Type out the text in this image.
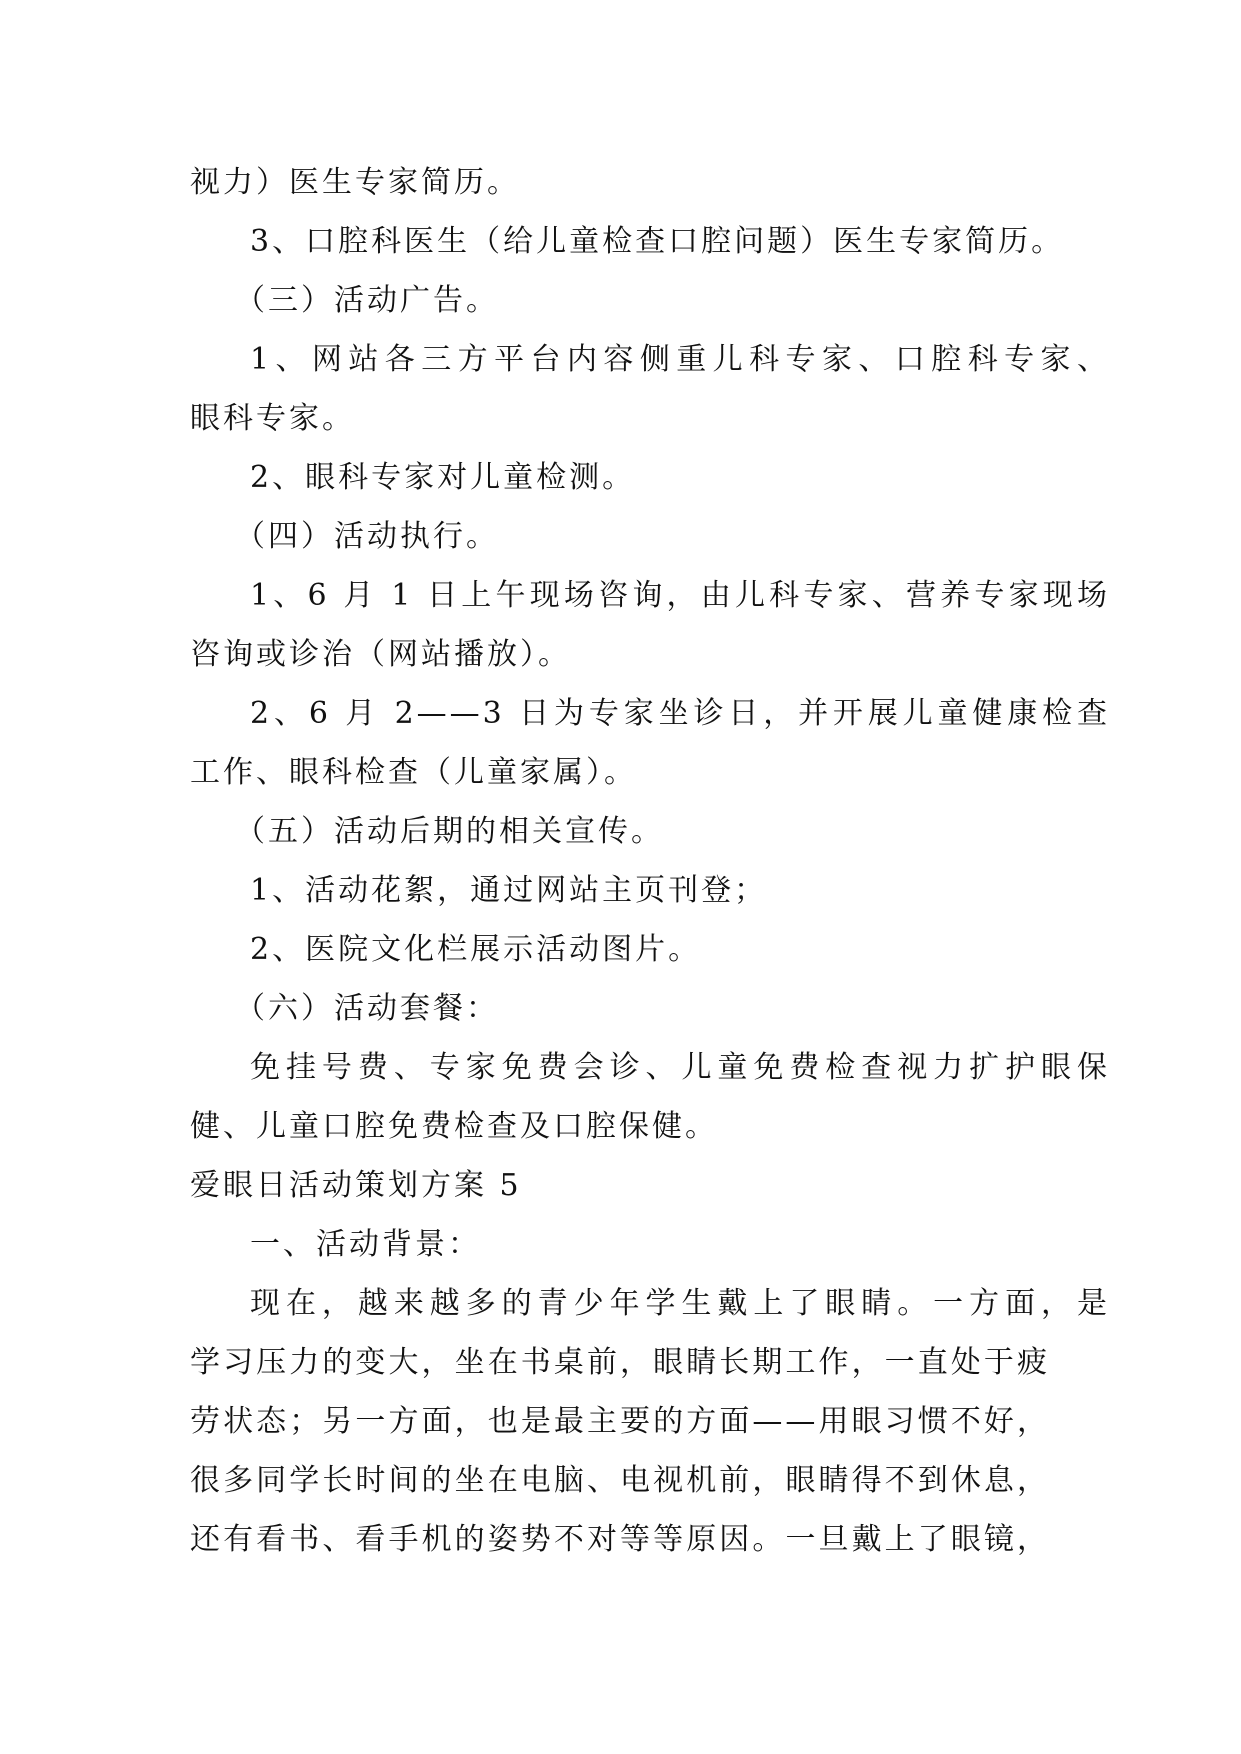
视力）医生专家简历。
3、口腔科医生（给儿童检查口腔问题）医生专家简历。
（三）活动广告。
1、网站各三方平台内容侧重儿科专家、口腔科专家、
眼科专家。
2、眼科专家对儿童检测。
（四）活动执行。
1、6 月 1 日上午现场咨询，由儿科专家、营养专家现场
咨询或诊治（网站播放）。
2、6 月 2——3 日为专家坐诊日，并开展儿童健康检查
工作、眼科检查（儿童家属）。
（五）活动后期的相关宣传。
1、活动花絮，通过网站主页刊登；
2、医院文化栏展示活动图片。
（六）活动套餐：
免挂号费、专家免费会诊、儿童免费检查视力扩护眼保
健、儿童口腔免费检查及口腔保健。
爱眼日活动策划方案 5
一、活动背景：
现在，越来越多的青少年学生戴上了眼睛。一方面，是
学习压力的变大，坐在书桌前，眼睛长期工作，一直处于疲
劳状态；另一方面，也是最主要的方面——用眼习惯不好，
很多同学长时间的坐在电脑、电视机前，眼睛得不到休息，
还有看书、看手机的姿势不对等等原因。一旦戴上了眼镜，
